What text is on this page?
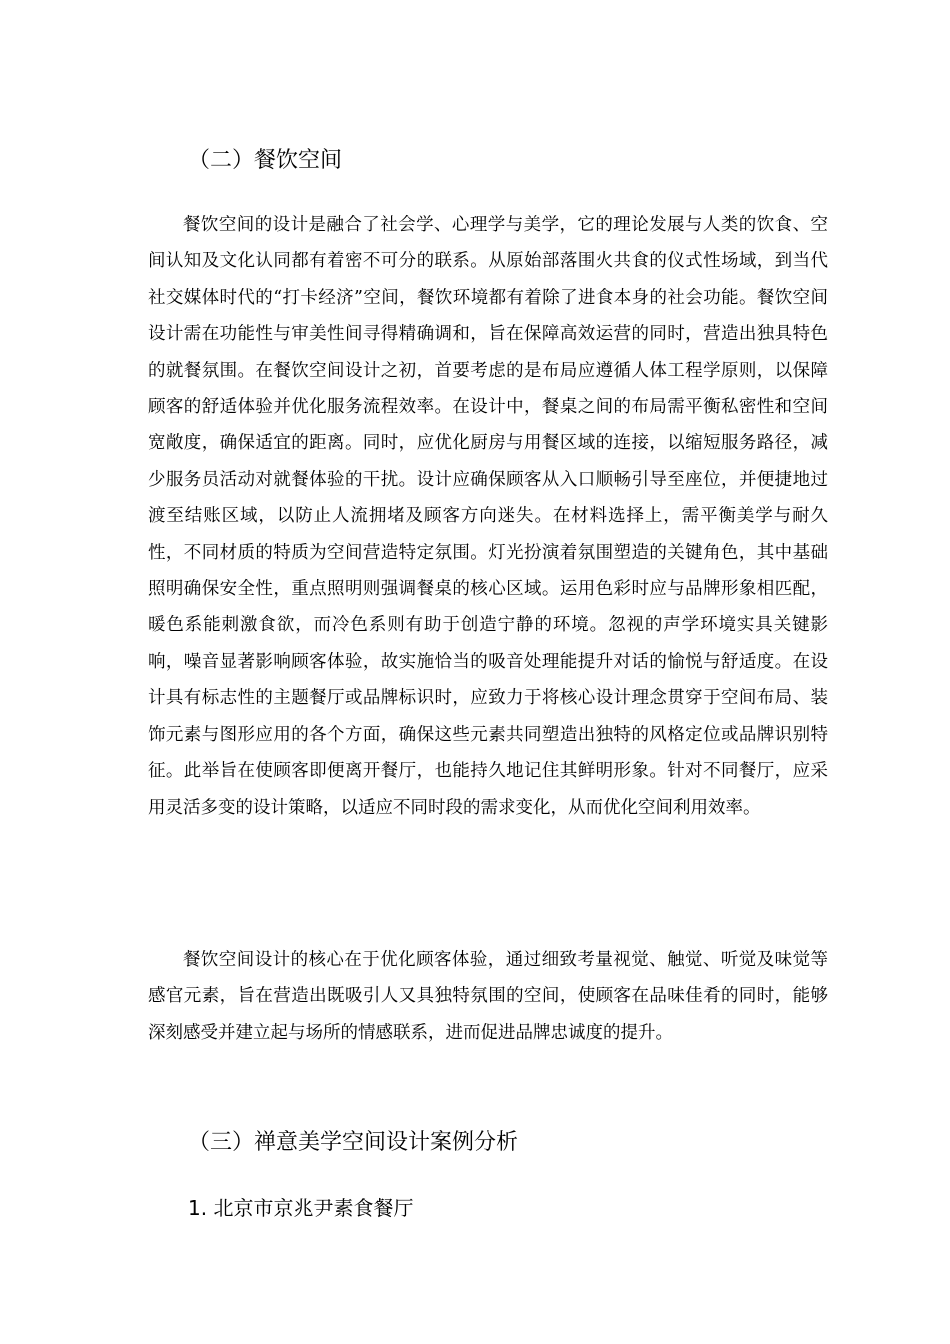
（二）餐饮空间

餐饮空间的设计是融合了社会学、心理学与美学，它的理论发展与人类的饮食、空间认知及文化认同都有着密不可分的联系。从原始部落围火共食的仪式性场域，到当代社交媒体时代的“打卡经济”空间，餐饮环境都有着除了进食本身的社会功能。餐饮空间设计需在功能性与审美性间寻得精确调和，旨在保障高效运营的同时，营造出独具特色的就餐氛围。在餐饮空间设计之初，首要考虑的是布局应遵循人体工程学原则，以保障顾客的舒适体验并优化服务流程效率。在设计中，餐桌之间的布局需平衡私密性和空间宽敞度，确保适宜的距离。同时，应优化厨房与用餐区域的连接，以缩短服务路径，减少服务员活动对就餐体验的干扰。设计应确保顾客从入口顺畅引导至座位，并便捷地过渡至结账区域，以防止人流拥堵及顾客方向迷失。在材料选择上，需平衡美学与耐久性，不同材质的特质为空间营造特定氛围。灯光扮演着氛围塑造的关键角色，其中基础照明确保安全性，重点照明则强调餐桌的核心区域。运用色彩时应与品牌形象相匹配，暖色系能刺激食欲，而冷色系则有助于创造宁静的环境。忽视的声学环境实具关键影响，噪音显著影响顾客体验，故实施恰当的吸音处理能提升对话的愉悦与舒适度。在设计具有标志性的主题餐厅或品牌标识时，应致力于将核心设计理念贯穿于空间布局、装饰元素与图形应用的各个方面，确保这些元素共同塑造出独特的风格定位或品牌识别特征。此举旨在使顾客即便离开餐厅，也能持久地记住其鲜明形象。针对不同餐厅，应采用灵活多变的设计策略，以适应不同时段的需求变化，从而优化空间利用效率。

餐饮空间设计的核心在于优化顾客体验，通过细致考量视觉、触觉、听觉及味觉等感官元素，旨在营造出既吸引人又具独特氛围的空间，使顾客在品味佳肴的同时，能够深刻感受并建立起与场所的情感联系，进而促进品牌忠诚度的提升。

（三）禅意美学空间设计案例分析
1. 北京市京兆尹素食餐厅
